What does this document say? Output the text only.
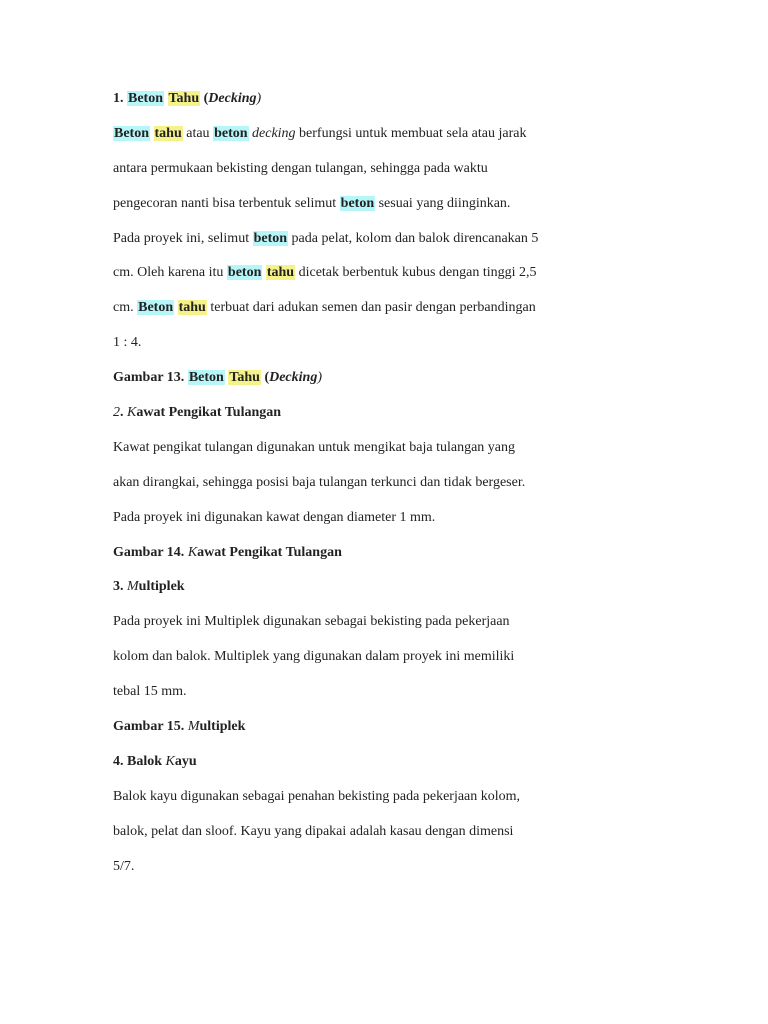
1. Beton Tahu (Decking)
Beton tahu atau beton decking berfungsi untuk membuat sela atau jarak
antara permukaan bekisting dengan tulangan, sehingga pada waktu
pengecoran nanti bisa terbentuk selimut beton sesuai yang diinginkan.
Pada proyek ini, selimut beton pada pelat, kolom dan balok direncanakan 5
cm. Oleh karena itu beton tahu dicetak berbentuk kubus dengan tinggi 2,5
cm. Beton tahu terbuat dari adukan semen dan pasir dengan perbandingan
1 : 4.
Gambar 13. Beton Tahu (Decking)
2. Kawat Pengikat Tulangan
Kawat pengikat tulangan digunakan untuk mengikat baja tulangan yang
akan dirangkai, sehingga posisi baja tulangan terkunci dan tidak bergeser.
Pada proyek ini digunakan kawat dengan diameter 1 mm.
Gambar 14. Kawat Pengikat Tulangan
3. Multiplek
Pada proyek ini Multiplek digunakan sebagai bekisting pada pekerjaan
kolom dan balok. Multiplek yang digunakan dalam proyek ini memiliki
tebal 15 mm.
Gambar 15. Multiplek
4. Balok Kayu
Balok kayu digunakan sebagai penahan bekisting pada pekerjaan kolom,
balok, pelat dan sloof. Kayu yang dipakai adalah kasau dengan dimensi
5/7.
